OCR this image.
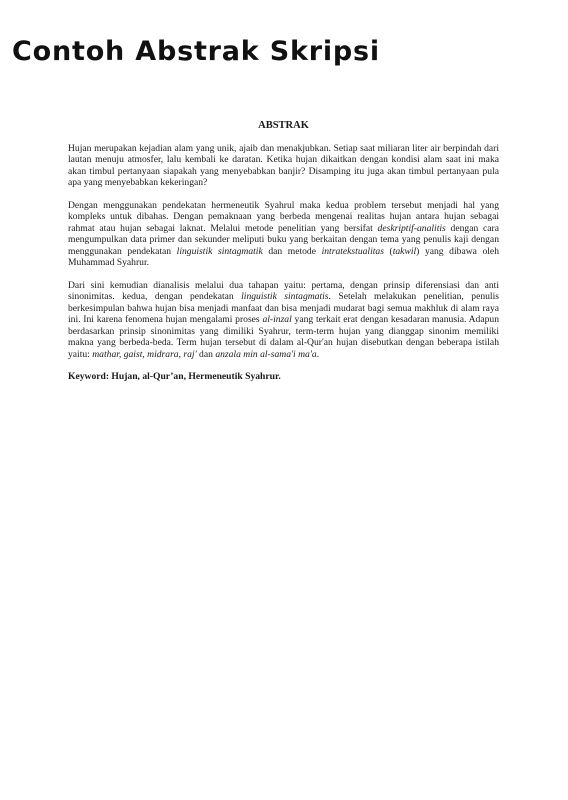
Contoh Abstrak Skripsi
ABSTRAK

Hujan merupakan kejadian alam yang unik, ajaib dan menakjubkan. Setiap saat miliaran liter air berpindah dari lautan menuju atmosfer, lalu kembali ke daratan. Ketika hujan dikaitkan dengan kondisi alam saat ini maka akan timbul pertanyaan siapakah yang menyebabkan banjir? Disamping itu juga akan timbul pertanyaan pula apa yang menyebabkan kekeringan?

Dengan menggunakan pendekatan hermeneutik Syahrul maka kedua problem tersebut menjadi hal yang kompleks untuk dibahas. Dengan pemaknaan yang berbeda mengenai realitas hujan antara hujan sebagai rahmat atau hujan sebagai laknat. Melalui metode penelitian yang bersifat deskriptif-analitis dengan cara mengumpulkan data primer dan sekunder meliputi buku yang berkaitan dengan tema yang penulis kaji dengan menggunakan pendekatan linguistik sintagmatik dan metode intratekstualitas (takwil) yang dibawa oleh Muhammad Syahrur.

Dari sini kemudian dianalisis melalui dua tahapan yaitu: pertama, dengan prinsip diferensiasi dan anti sinonimitas. kedua, dengan pendekatan linguistik sintagmatis. Setelah melakukan penelitian, penulis berkesimpulan bahwa hujan bisa menjadi manfaat dan bisa menjadi mudarat bagi semua makhluk di alam raya ini. Ini karena fenomena hujan mengalami proses al-inzal yang terkait erat dengan kesadaran manusia. Adapun berdasarkan prinsip sinonimitas yang dimiliki Syahrur, term-term hujan yang dianggap sinonim memiliki makna yang berbeda-beda. Term hujan tersebut di dalam al-Qur'an hujan disebutkan dengan beberapa istilah yaitu: mathar, gaist, midrara, raj' dan anzala min al-sama'i ma'a.

Keyword: Hujan, al-Qur’an, Hermeneutik Syahrur.
